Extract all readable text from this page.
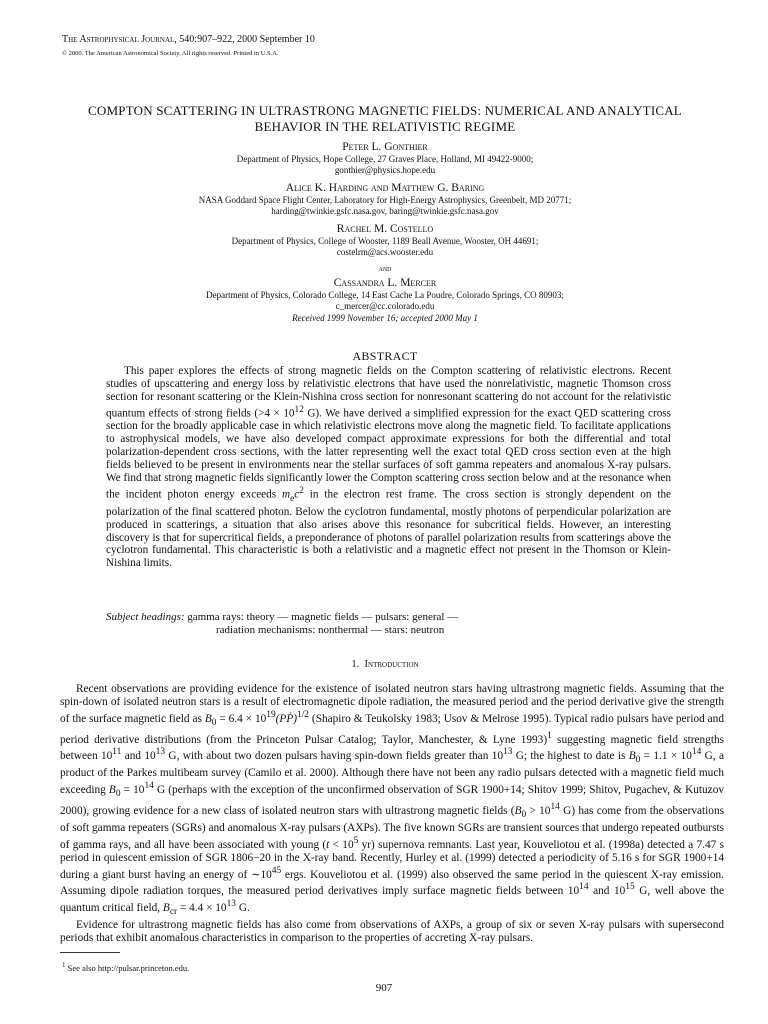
The Astrophysical Journal, 540:907–922, 2000 September 10
© 2000. The American Astronomical Society. All rights reserved. Printed in U.S.A.
COMPTON SCATTERING IN ULTRASTRONG MAGNETIC FIELDS: NUMERICAL AND ANALYTICAL
BEHAVIOR IN THE RELATIVISTIC REGIME
Peter L. Gonthier
Department of Physics, Hope College, 27 Graves Place, Holland, MI 49422-9000;
gonthier@physics.hope.edu
Alice K. Harding and Matthew G. Baring
NASA Goddard Space Flight Center, Laboratory for High-Energy Astrophysics, Greenbelt, MD 20771;
harding@twinkie.gsfc.nasa.gov, baring@twinkie.gsfc.nasa.gov
Rachel M. Costello
Department of Physics, College of Wooster, 1189 Beall Avenue, Wooster, OH 44691;
costelrm@acs.wooster.edu
and
Cassandra L. Mercer
Department of Physics, Colorado College, 14 East Cache La Poudre, Colorado Springs, CO 80903;
c_mercer@cc.colorado.edu
Received 1999 November 16; accepted 2000 May 1
ABSTRACT

This paper explores the effects of strong magnetic fields on the Compton scattering of relativistic electrons. Recent studies of upscattering and energy loss by relativistic electrons that have used the nonrelativistic, magnetic Thomson cross section for resonant scattering or the Klein-Nishina cross section for nonresonant scattering do not account for the relativistic quantum effects of strong fields ($>4 \times 10^{12}$ G). We have derived a simplified expression for the exact QED scattering cross section for the broadly applicable case in which relativistic electrons move along the magnetic field. To facilitate applications to astrophysical models, we have also developed compact approximate expressions for both the differential and total polarization-dependent cross sections, with the latter representing well the exact total QED cross section even at the high fields believed to be present in environments near the stellar surfaces of soft gamma repeaters and anomalous X-ray pulsars. We find that strong magnetic fields significantly lower the Compton scattering cross section below and at the resonance when the incident photon energy exceeds $m_ec^2$ in the electron rest frame. The cross section is strongly dependent on the polarization of the final scattered photon. Below the cyclotron fundamental, mostly photons of perpendicular polarization are produced in scatterings, a situation that also arises above this resonance for subcritical fields. However, an interesting discovery is that for supercritical fields, a preponderance of photons of parallel polarization results from scatterings above the cyclotron fundamental. This characteristic is both a relativistic and a magnetic effect not present in the Thomson or Klein-Nishina limits.

Subject headings: gamma rays: theory — magnetic fields — pulsars: general —
radiation mechanisms: nonthermal — stars: neutron
1. Introduction

Recent observations are providing evidence for the existence of isolated neutron stars having ultrastrong magnetic fields. Assuming that the spin-down of isolated neutron stars is a result of electromagnetic dipole radiation, the measured period and the period derivative give the strength of the surface magnetic field as $B_0 = 6.4$ × $10^{19}(PṖ)^{1/2}$ (Shapiro & Teukolsky 1983; Usov & Melrose 1995). Typical radio pulsars have period and period derivative distributions (from the Princeton Pulsar Catalog; Taylor, Manchester, & Lyne 1993)$^1$ suggesting magnetic field strengths between $10^{11}$ and $10^{13}$ G, with about two dozen pulsars having spin-down fields greater than $10^{13}$ G; the highest to date is $B_0 = 1.1 \times 10^{14}$ G, a product of the Parkes multibeam survey (Camilo et al. 2000). Although there have not been any radio pulsars detected with a magnetic field much exceeding $B_0 = 10^{14}$ G (perhaps with the exception of the unconfirmed observation of SGR 1900+14; Shitov 1999; Shitov, Pugachev, & Kutuzov 2000), growing evidence for a new class of isolated neutron stars with ultrastrong magnetic fields ($B_0 > 10^{14}$ G) has come from the observations of soft gamma repeaters (SGRs) and anomalous X-ray pulsars (AXPs). The five known SGRs are transient sources that undergo repeated outbursts of gamma rays, and all have been associated with young ($t < 10^5$ yr) supernova remnants. Last year, Kouveliotou et al. (1998a) detected a 7.47 s period in quiescent emission of SGR 1806−20 in the X-ray band. Recently, Hurley et al. (1999) detected a periodicity of 5.16 s for SGR 1900+14 during a giant burst having an energy of $\sim 10^{45}$ ergs. Kouveliotou et al. (1999) also observed the same period in the quiescent X-ray emission. Assuming dipole radiation torques, the measured period derivatives imply surface magnetic fields between $10^{14}$ and $10^{15}$ G, well above the quantum critical field, $B_{cr} = 4.4 \times 10^{13}$ G.

Evidence for ultrastrong magnetic fields has also come from observations of AXPs, a group of six or seven X-ray pulsars with supersecond periods that exhibit anomalous characteristics in comparison to the properties of accreting X-ray pulsars.

$^1$ See also http://pulsar.princeton.edu.
907
